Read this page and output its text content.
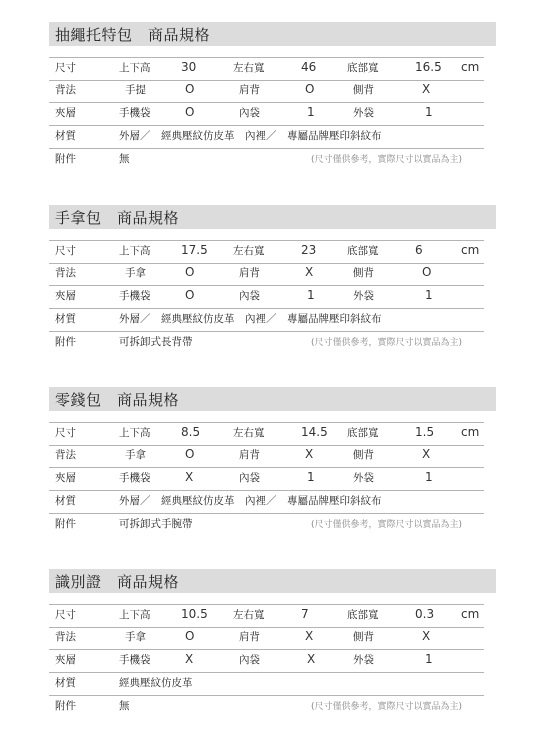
抽繩托特包　商品規格
尺寸	上下高	30	左右寬	46	底部寬	16.5 cm
背法	手提	O	肩背	O	側背	X
夾層	手機袋	O	內袋	1	外袋	1
材質	外層／　經典壓紋仿皮革　內裡／　專屬品牌壓印斜紋布
附件	無	(尺寸僅供參考，實際尺寸以實品為主)
手拿包　商品規格
尺寸	上下高	17.5 左右寬	23	底部寬	6	cm
背法	手拿	O	肩背	X	側背	O
夾層	手機袋	O	內袋	1	外袋	1
材質	外層／　經典壓紋仿皮革　內裡／　專屬品牌壓印斜紋布
附件	可拆卸式長背帶	(尺寸僅供參考，實際尺寸以實品為主)
零錢包　商品規格
尺寸	上下高	8.5	左右寬	14.5 底部寬	1.5 cm
背法	手拿	O	肩背	X	側背	X
夾層	手機袋	X	內袋	1	外袋	1
材質	外層／　經典壓紋仿皮革　內裡／　專屬品牌壓印斜紋布
附件	可拆卸式手腕帶	(尺寸僅供參考，實際尺寸以實品為主)
識別證　商品規格
尺寸	上下高	10.5 左右寬	7	底部寬	0.3 cm
背法	手拿	O	肩背	X	側背	X
夾層	手機袋	X	內袋	X	外袋	1
材質	經典壓紋仿皮革
附件	無	(尺寸僅供參考，實際尺寸以實品為主)
